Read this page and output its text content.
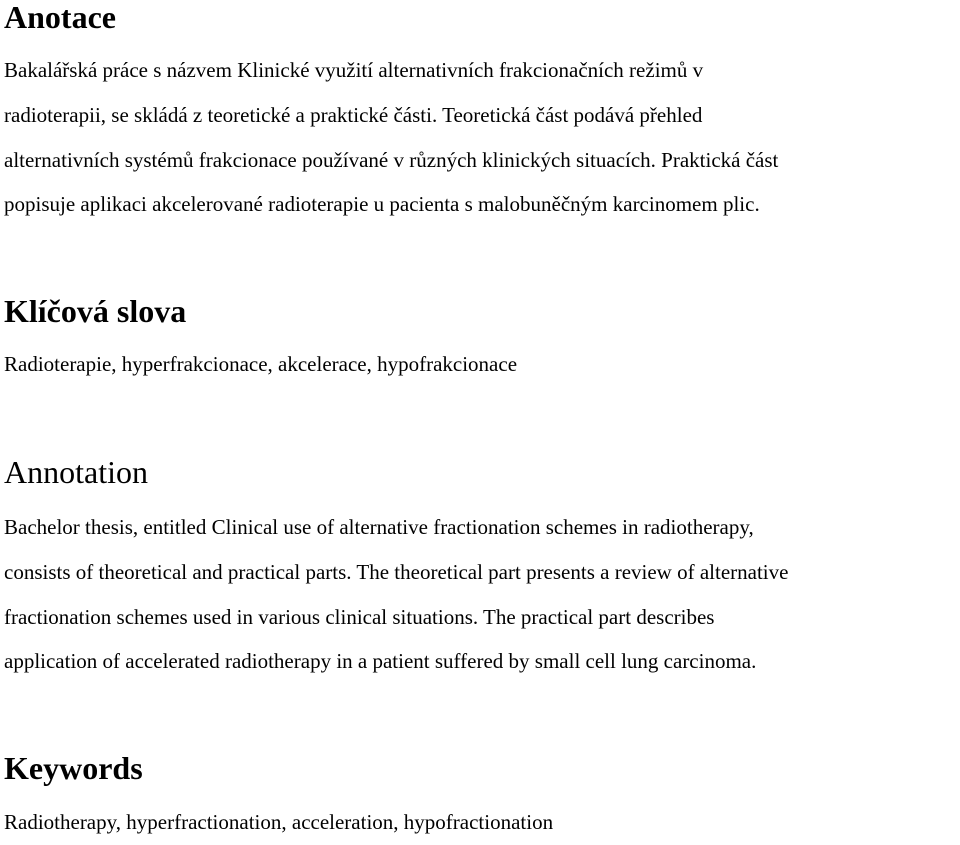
Anotace

Bakalářská práce s názvem Klinické využití alternativních frakcionačních režimů v
radioterapii, se skládá z teoretické a praktické části. Teoretická část podává přehled
alternativních systémů frakcionace používané v různých klinických situacích. Praktická část
popisuje aplikaci akcelerované radioterapie u pacienta s malobuněčným karcinomem plic.

Klíčová slova

Radioterapie, hyperfrakcionace, akcelerace, hypofrakcionace

Annotation

Bachelor thesis, entitled Clinical use of alternative fractionation schemes in radiotherapy,
consists of theoretical and practical parts. The theoretical part presents a review of alternative
fractionation schemes used in various clinical situations. The practical part describes
application of accelerated radiotherapy in a patient suffered by small cell lung carcinoma.

Keywords

Radiotherapy, hyperfractionation, acceleration, hypofractionation
